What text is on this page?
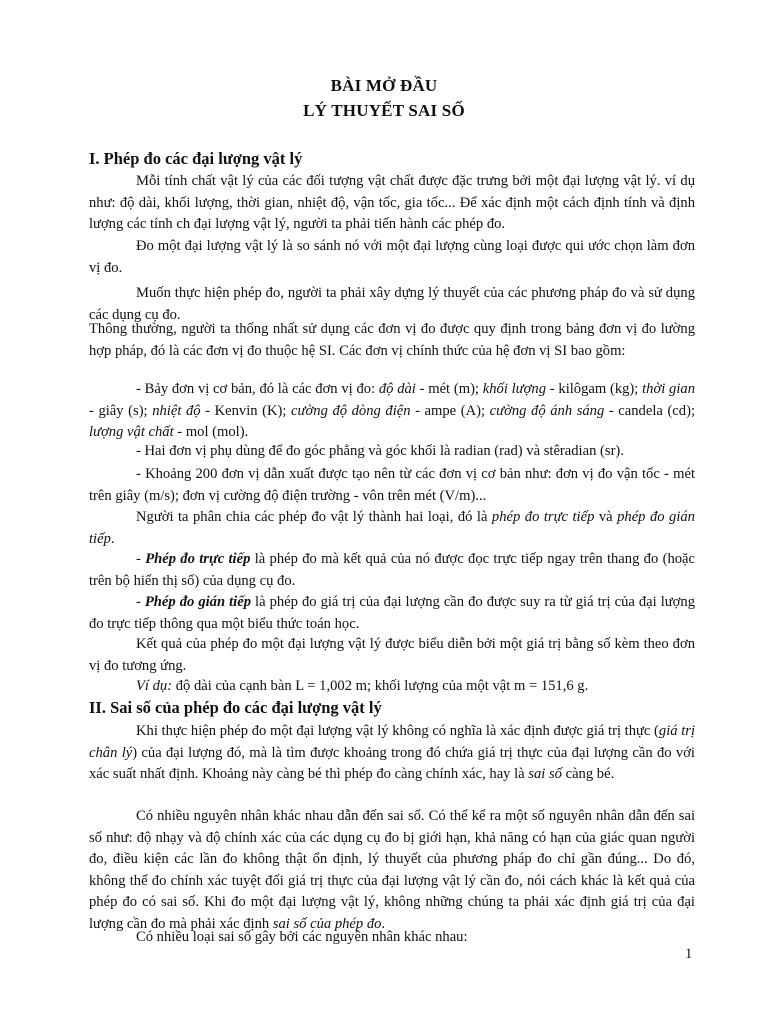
BÀI MỞ ĐẦU
LÝ THUYẾT SAI SỐ
I. Phép đo các đại lượng vật lý

Mỗi tính chất vật lý của các đối tượng vật chất được đặc trưng bởi một đại lượng vật lý. ví dụ như: độ dài, khối lượng, thời gian, nhiệt độ, vận tốc, gia tốc... Để xác định một cách định tính và định lượng các tính ch đại lượng vật lý, người ta phải tiến hành các phép đo.

Đo một đại lượng vật lý là so sánh nó với một đại lượng cùng loại được qui ước chọn làm đơn vị đo.

Muốn thực hiện phép đo, người ta phải xây dựng lý thuyết của các phương pháp đo và sử dụng các dụng cụ đo.

Thông thường, người ta thống nhất sử dụng các đơn vị đo được quy định trong bảng đơn vị đo lường hợp pháp, đó là các đơn vị đo thuộc hệ SI. Các đơn vị chính thức của hệ đơn vị SI bao gồm:

- Bảy đơn vị cơ bản, đó là các đơn vị đo: độ dài - mét (m); khối lượng - kilôgam (kg); thời gian - giây (s); nhiệt độ - Kenvin (K); cường độ dòng điện - ampe (A); cường độ ánh sáng - candela (cd); lượng vật chất - mol (mol).

- Hai đơn vị phụ dùng để đo góc phẳng và góc khối là radian (rad) và stêradian (sr).

- Khoảng 200 đơn vị dẫn xuất được tạo nên từ các đơn vị cơ bản như: đơn vị đo vận tốc - mét trên giây (m/s); đơn vị cường độ điện trường - vôn trên mét (V/m)...

Người ta phân chia các phép đo vật lý thành hai loại, đó là phép đo trực tiếp và phép đo gián tiếp.

- Phép đo trực tiếp là phép đo mà kết quả của nó được đọc trực tiếp ngay trên thang đo (hoặc trên bộ hiển thị số) của dụng cụ đo.

- Phép đo gián tiếp là phép đo giá trị của đại lượng cần đo được suy ra từ giá trị của đại lượng đo trực tiếp thông qua một biểu thức toán học.

Kết quả của phép đo một đại lượng vật lý được biểu diễn bởi một giá trị bằng số kèm theo đơn vị đo tương ứng.

Ví dụ: độ dài của cạnh bàn L = 1,002 m; khối lượng của một vật m = 151,6 g.

II. Sai số của phép đo các đại lượng vật lý

Khi thực hiện phép đo một đại lượng vật lý không có nghĩa là xác định được giá trị thực (giá trị chân lý) của đại lượng đó, mà là tìm được khoảng trong đó chứa giá trị thực của đại lượng cần đo với xác suất nhất định. Khoảng này càng bé thì phép đo càng chính xác, hay là sai số càng bé.

Có nhiều nguyên nhân khác nhau dẫn đến sai số. Có thể kể ra một số nguyên nhân dẫn đến sai số như: độ nhạy và độ chính xác của các dụng cụ đo bị giới hạn, khả năng có hạn của giác quan người đo, điều kiện các lần đo không thật ổn định, lý thuyết của phương pháp đo chỉ gần đúng... Do đó, không thể đo chính xác tuyệt đối giá trị thực của đại lượng vật lý cần đo, nói cách khác là kết quả của phép đo có sai số. Khi đo một đại lượng vật lý, không những chúng ta phải xác định giá trị của đại lượng cần đo mà phải xác định sai số của phép đo.

Có nhiều loại sai số gây bởi các nguyên nhân khác nhau:

1
